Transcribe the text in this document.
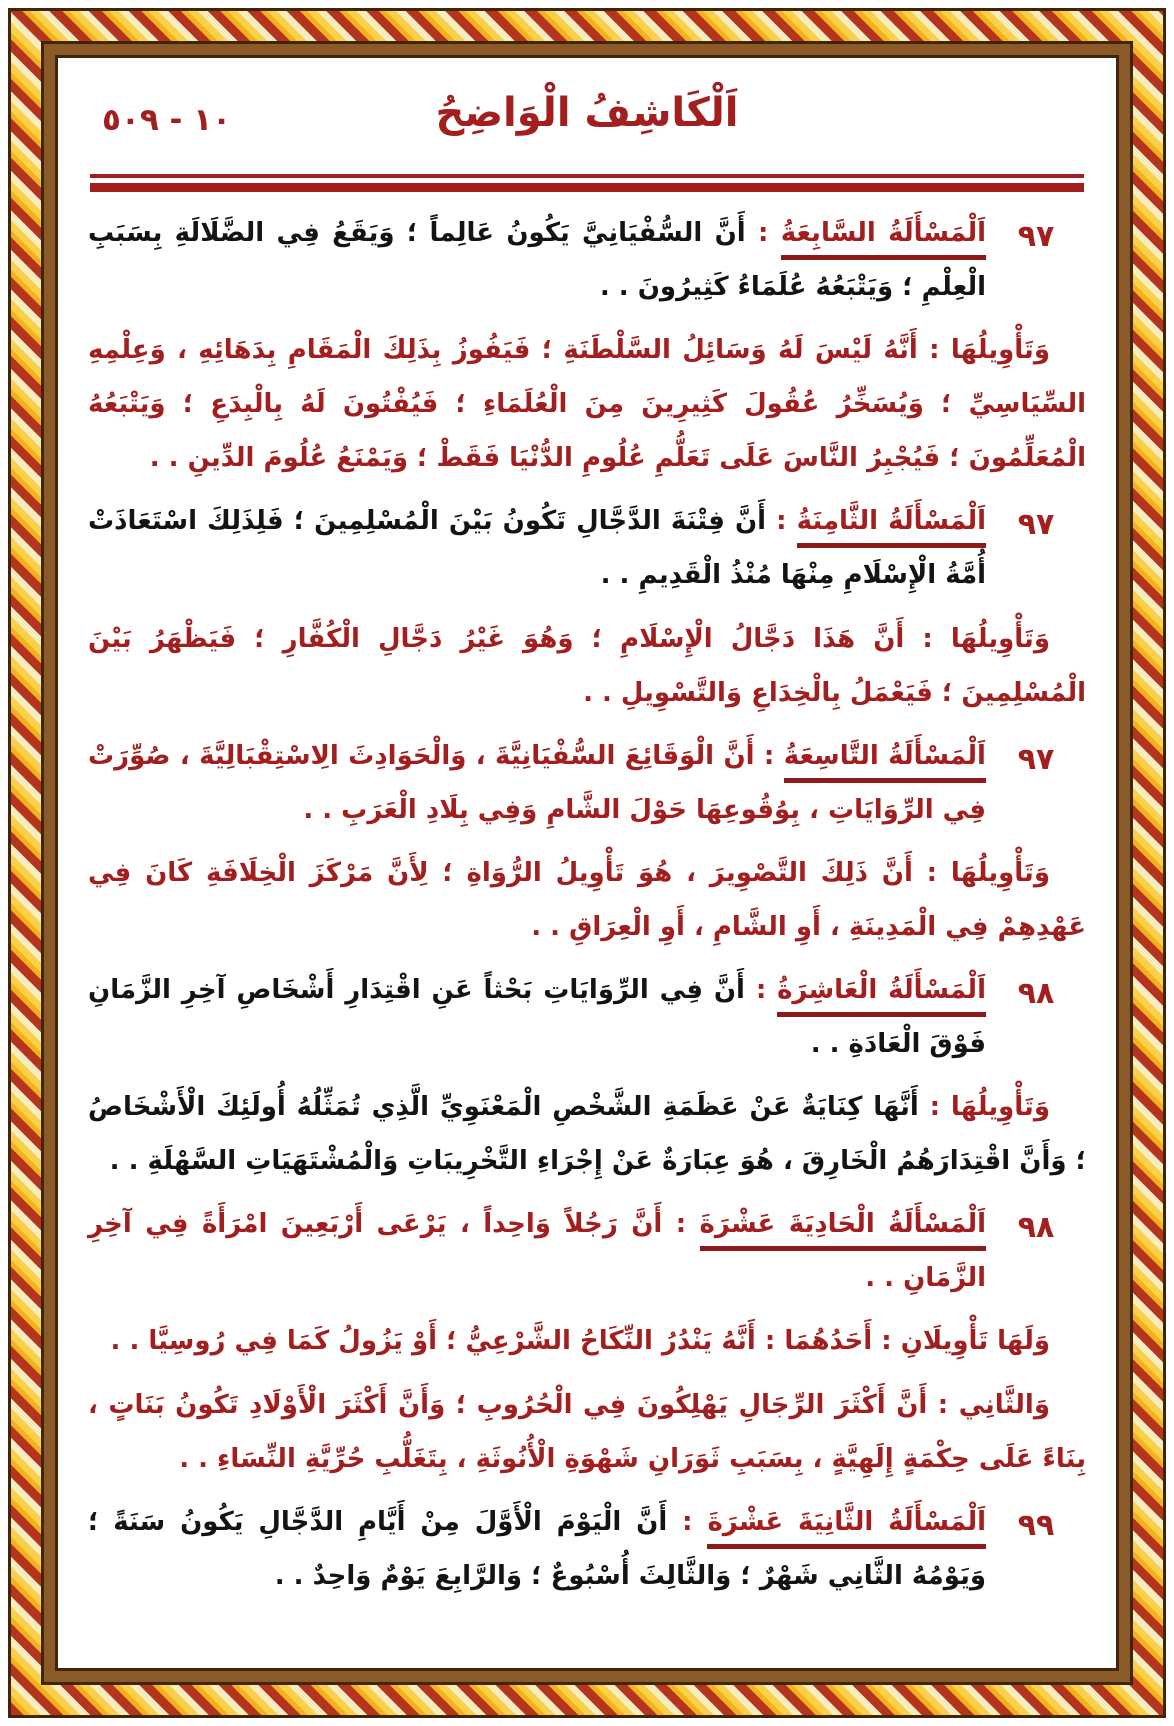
٥٠٩ - ١٠	اَلْكَاشِفُ الْوَاضِحُ

٩٧
اَلْمَسْأَلَةُ السَّابِعَةُ : أَنَّ السُّفْيَانِيَّ يَكُونُ عَالِماً ؛ وَيَقَعُ فِي الضَّلَالَةِ بِسَبَبِ الْعِلْمِ ؛ وَيَتْبَعُهُ عُلَمَاءُ كَثِيرُونَ . .

وَتَأْوِيلُهَا : أَنَّهُ لَيْسَ لَهُ وَسَائِلُ السَّلْطَنَةِ ؛ فَيَفُوزُ بِذَلِكَ الْمَقَامِ بِدَهَائِهِ ، وَعِلْمِهِ السِّيَاسِيِّ ؛ وَيُسَخِّرُ عُقُولَ كَثِيرِينَ مِنَ الْعُلَمَاءِ ؛ فَيُفْتُونَ لَهُ بِالْبِدَعِ ؛ وَيَتْبَعُهُ الْمُعَلِّمُونَ ؛ فَيُجْبِرُ النَّاسَ عَلَى تَعَلُّمِ عُلُومِ الدُّنْيَا فَقَطْ ؛ وَيَمْنَعُ عُلُومَ الدِّينِ . .

٩٧
اَلْمَسْأَلَةُ الثَّامِنَةُ : أَنَّ فِتْنَةَ الدَّجَّالِ تَكُونُ بَيْنَ الْمُسْلِمِينَ ؛ فَلِذَلِكَ اسْتَعَاذَتْ أُمَّةُ الْإِسْلَامِ مِنْهَا مُنْذُ الْقَدِيمِ . .

وَتَأْوِيلُهَا : أَنَّ هَذَا دَجَّالُ الْإِسْلَامِ ؛ وَهُوَ غَيْرُ دَجَّالِ الْكُفَّارِ ؛ فَيَظْهَرُ بَيْنَ الْمُسْلِمِينَ ؛ فَيَعْمَلُ بِالْخِدَاعِ وَالتَّسْوِيلِ . .

٩٧
اَلْمَسْأَلَةُ التَّاسِعَةُ : أَنَّ الْوَقَائِعَ السُّفْيَانِيَّةَ ، وَالْحَوَادِثَ الِاسْتِقْبَالِيَّةَ ، صُوِّرَتْ فِي الرِّوَايَاتِ ، بِوُقُوعِهَا حَوْلَ الشَّامِ وَفِي بِلَادِ الْعَرَبِ . .

وَتَأْوِيلُهَا : أَنَّ ذَلِكَ التَّصْوِيرَ ، هُوَ تَأْوِيلُ الرُّوَاةِ ؛ لِأَنَّ مَرْكَزَ الْخِلَافَةِ كَانَ فِي عَهْدِهِمْ فِي الْمَدِينَةِ ، أَوِ الشَّامِ ، أَوِ الْعِرَاقِ . .

٩٨
اَلْمَسْأَلَةُ الْعَاشِرَةُ : أَنَّ فِي الرِّوَايَاتِ بَحْثاً عَنِ اقْتِدَارِ أَشْخَاصِ آخِرِ الزَّمَانِ فَوْقَ الْعَادَةِ . .

وَتَأْوِيلُهَا : أَنَّهَا كِنَايَةٌ عَنْ عَظَمَةِ الشَّخْصِ الْمَعْنَوِيِّ الَّذِي تُمَثِّلُهُ أُولَئِكَ الْأَشْخَاصُ ؛ وَأَنَّ اقْتِدَارَهُمُ الْخَارِقَ ، هُوَ عِبَارَةٌ عَنْ إِجْرَاءِ التَّخْرِيبَاتِ وَالْمُشْتَهَيَاتِ السَّهْلَةِ . .

٩٨
اَلْمَسْأَلَةُ الْحَادِيَةَ عَشْرَةَ : أَنَّ رَجُلاً وَاحِداً ، يَرْعَى أَرْبَعِينَ امْرَأَةً فِي آخِرِ الزَّمَانِ . .

وَلَهَا تَأْوِيلَانِ : أَحَدُهُمَا : أَنَّهُ يَنْدُرُ النِّكَاحُ الشَّرْعِيُّ ؛ أَوْ يَزُولُ كَمَا فِي رُوسِيَّا . .

وَالثَّانِي : أَنَّ أَكْثَرَ الرِّجَالِ يَهْلِكُونَ فِي الْحُرُوبِ ؛ وَأَنَّ أَكْثَرَ الْأَوْلَادِ تَكُونُ بَنَاتٍ ، بِنَاءً عَلَى حِكْمَةٍ إِلَهِيَّةٍ ، بِسَبَبِ ثَوَرَانِ شَهْوَةِ الْأُنُوثَةِ ، بِتَغَلُّبِ حُرِّيَّةِ النِّسَاءِ . .

٩٩
اَلْمَسْأَلَةُ الثَّانِيَةَ عَشْرَةَ : أَنَّ الْيَوْمَ الْأَوَّلَ مِنْ أَيَّامِ الدَّجَّالِ يَكُونُ سَنَةً ؛ وَيَوْمُهُ الثَّانِي شَهْرٌ ؛ وَالثَّالِثَ أُسْبُوعٌ ؛ وَالرَّابِعَ يَوْمٌ وَاحِدٌ . .
